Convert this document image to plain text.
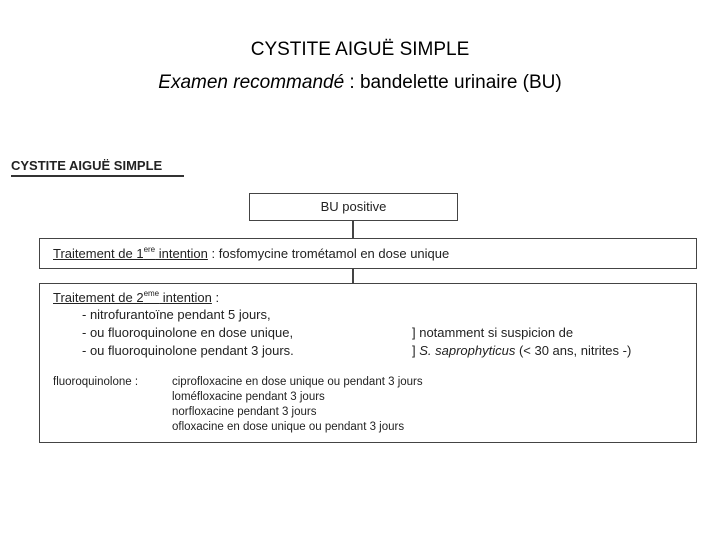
CYSTITE AIGUË SIMPLE
Examen recommandé : bandelette urinaire (BU)
CYSTITE AIGUË SIMPLE
BU positive
Traitement de 1ere intention : fosfomycine trométamol en dose unique
Traitement de 2eme intention :
- nitrofurantoïne pendant 5 jours,
- ou fluoroquinolone en dose unique,
- ou fluoroquinolone pendant 3 jours.
] notamment si suspicion de
] S. saprophyticus (< 30 ans, nitrites -)
fluoroquinolone :	ciprofloxacine en dose unique ou pendant 3 jours
loméfloxacine pendant 3 jours
norfloxacine pendant 3 jours
ofloxacine en dose unique ou pendant 3 jours
